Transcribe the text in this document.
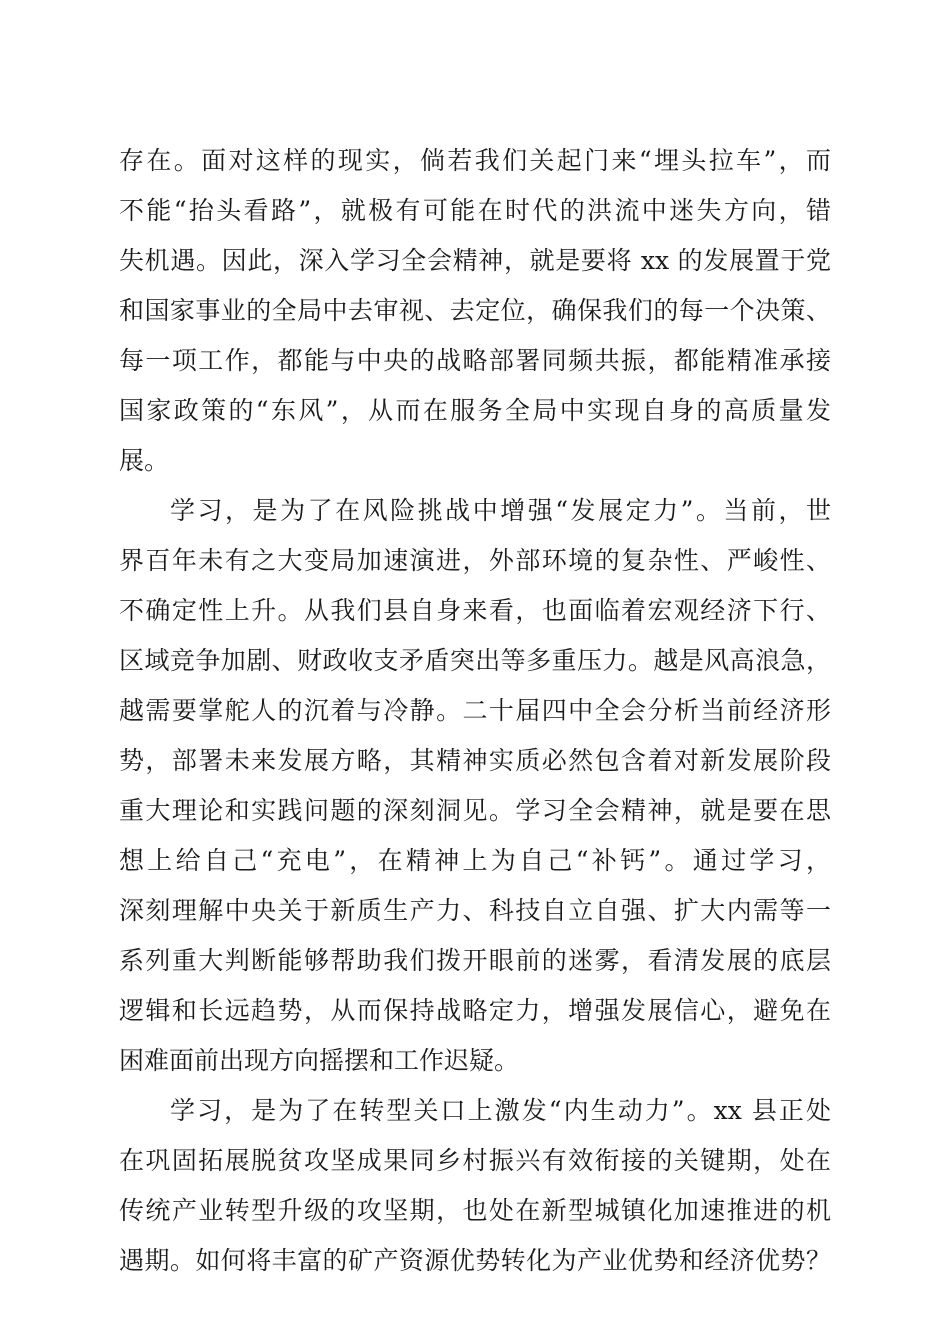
存在。面对这样的现实，倘若我们关起门来“埋头拉车”，而
不能“抬头看路”，就极有可能在时代的洪流中迷失方向，错
失机遇。因此，深入学习全会精神，就是要将 xx 的发展置于党
和国家事业的全局中去审视、去定位，确保我们的每一个决策、
每一项工作，都能与中央的战略部署同频共振，都能精准承接
国家政策的“东风”，从而在服务全局中实现自身的高质量发
展。
学习，是为了在风险挑战中增强“发展定力”。当前，世
界百年未有之大变局加速演进，外部环境的复杂性、严峻性、
不确定性上升。从我们县自身来看，也面临着宏观经济下行、
区域竞争加剧、财政收支矛盾突出等多重压力。越是风高浪急，
越需要掌舵人的沉着与冷静。二十届四中全会分析当前经济形
势，部署未来发展方略，其精神实质必然包含着对新发展阶段
重大理论和实践问题的深刻洞见。学习全会精神，就是要在思
想上给自己“充电”，在精神上为自己“补钙”。通过学习，
深刻理解中央关于新质生产力、科技自立自强、扩大内需等一
系列重大判断能够帮助我们拨开眼前的迷雾，看清发展的底层
逻辑和长远趋势，从而保持战略定力，增强发展信心，避免在
困难面前出现方向摇摆和工作迟疑。
学习，是为了在转型关口上激发“内生动力”。xx 县正处
在巩固拓展脱贫攻坚成果同乡村振兴有效衔接的关键期，处在
传统产业转型升级的攻坚期，也处在新型城镇化加速推进的机
遇期。如何将丰富的矿产资源优势转化为产业优势和经济优势？
